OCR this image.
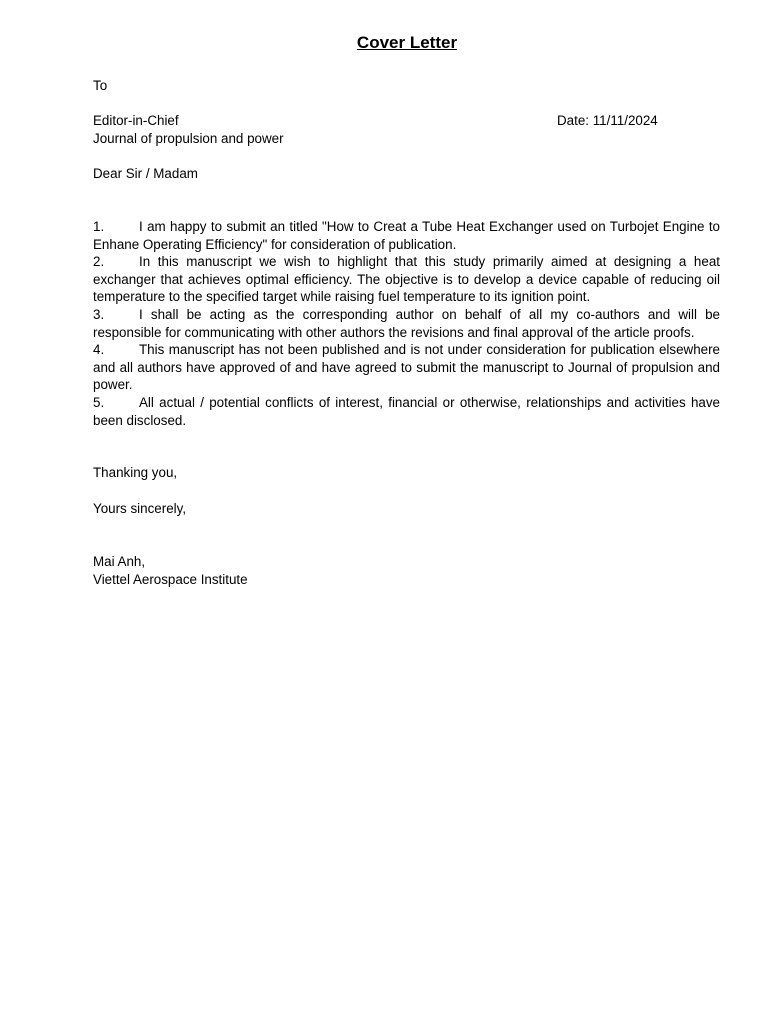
Cover Letter
To
Editor-in-Chief
Journal of propulsion and power
Date: 11/11/2024
Dear Sir / Madam

1.	I am happy to submit an titled "How to Creat a Tube Heat Exchanger used on Turbojet Engine to Enhane Operating Efficiency" for consideration of publication.

2.	In this manuscript we wish to highlight that this study primarily aimed at designing a heat exchanger that achieves optimal efficiency. The objective is to develop a device capable of reducing oil temperature to the specified target while raising fuel temperature to its ignition point.

3.	I shall be acting as the corresponding author on behalf of all my co-authors and will be responsible for communicating with other authors the revisions and final approval of the article proofs.

4.	This manuscript has not been published and is not under consideration for publication elsewhere and all authors have approved of and have agreed to submit the manuscript to Journal of propulsion and power.

5.	All actual / potential conflicts of interest, financial or otherwise, relationships and activities have been disclosed.

Thanking you,
Yours sincerely,
Mai Anh,
Viettel Aerospace Institute
